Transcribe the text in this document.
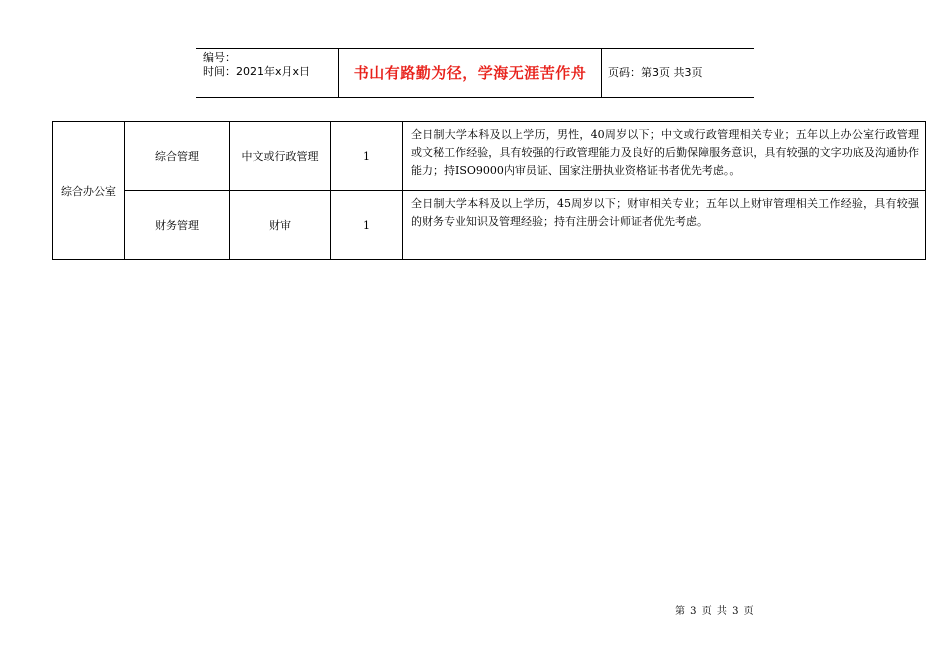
编号：
时间：2021年x月x日	书山有路勤为径，学海无涯苦作舟	页码：第3页 共3页
综合办公室	综合管理	中文或行政管理	1	全日制大学本科及以上学历，男性，40周岁以下；中文或行政管理相关专业；五年以上办公室行政管理或文秘工作经验，具有较强的行政管理能力及良好的后勤保障服务意识，具有较强的文字功底及沟通协作能力；持ISO9000内审员证、国家注册执业资格证书者优先考虑。。
	财务管理	财审	1	全日制大学本科及以上学历，45周岁以下；财审相关专业；五年以上财审管理相关工作经验，具有较强的财务专业知识及管理经验；持有注册会计师证者优先考虑。
第 3 页 共 3 页
